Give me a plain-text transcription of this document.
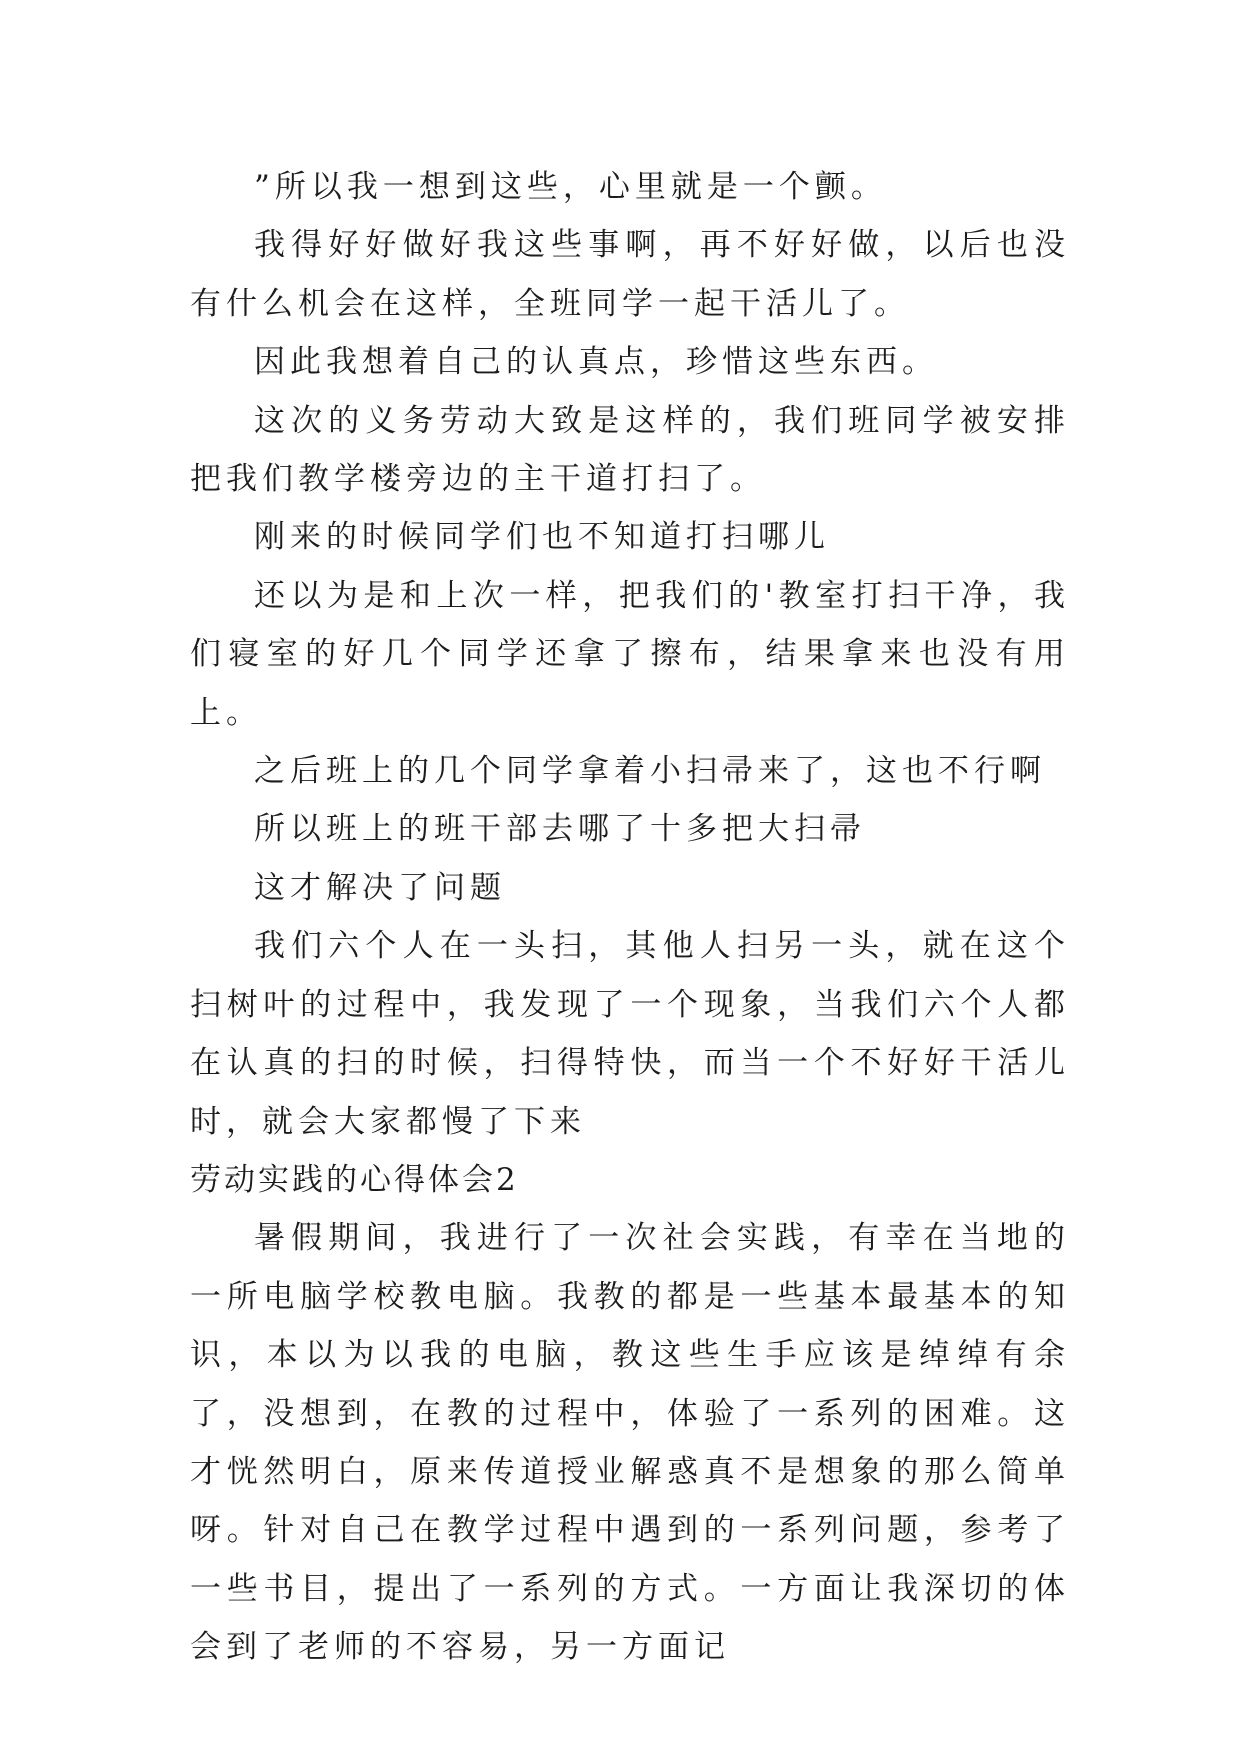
”所以我一想到这些，心里就是一个颤。

我得好好做好我这些事啊，再不好好做，以后也没有什么机会在这样，全班同学一起干活儿了。

因此我想着自己的认真点，珍惜这些东西。

这次的义务劳动大致是这样的，我们班同学被安排把我们教学楼旁边的主干道打扫了。

刚来的时候同学们也不知道打扫哪儿

还以为是和上次一样，把我们的'教室打扫干净，我们寝室的好几个同学还拿了擦布，结果拿来也没有用上。

之后班上的几个同学拿着小扫帚来了，这也不行啊

所以班上的班干部去哪了十多把大扫帚

这才解决了问题

我们六个人在一头扫，其他人扫另一头，就在这个扫树叶的过程中，我发现了一个现象，当我们六个人都在认真的扫的时候，扫得特快，而当一个不好好干活儿时，就会大家都慢了下来

劳动实践的心得体会2

暑假期间，我进行了一次社会实践，有幸在当地的一所电脑学校教电脑。我教的都是一些基本最基本的知识，本以为以我的电脑，教这些生手应该是绰绰有余了，没想到，在教的过程中，体验了一系列的困难。这才恍然明白，原来传道授业解惑真不是想象的那么简单呀。针对自己在教学过程中遇到的一系列问题，参考了一些书目，提出了一系列的方式。一方面让我深切的体会到了老师的不容易，另一方面记
